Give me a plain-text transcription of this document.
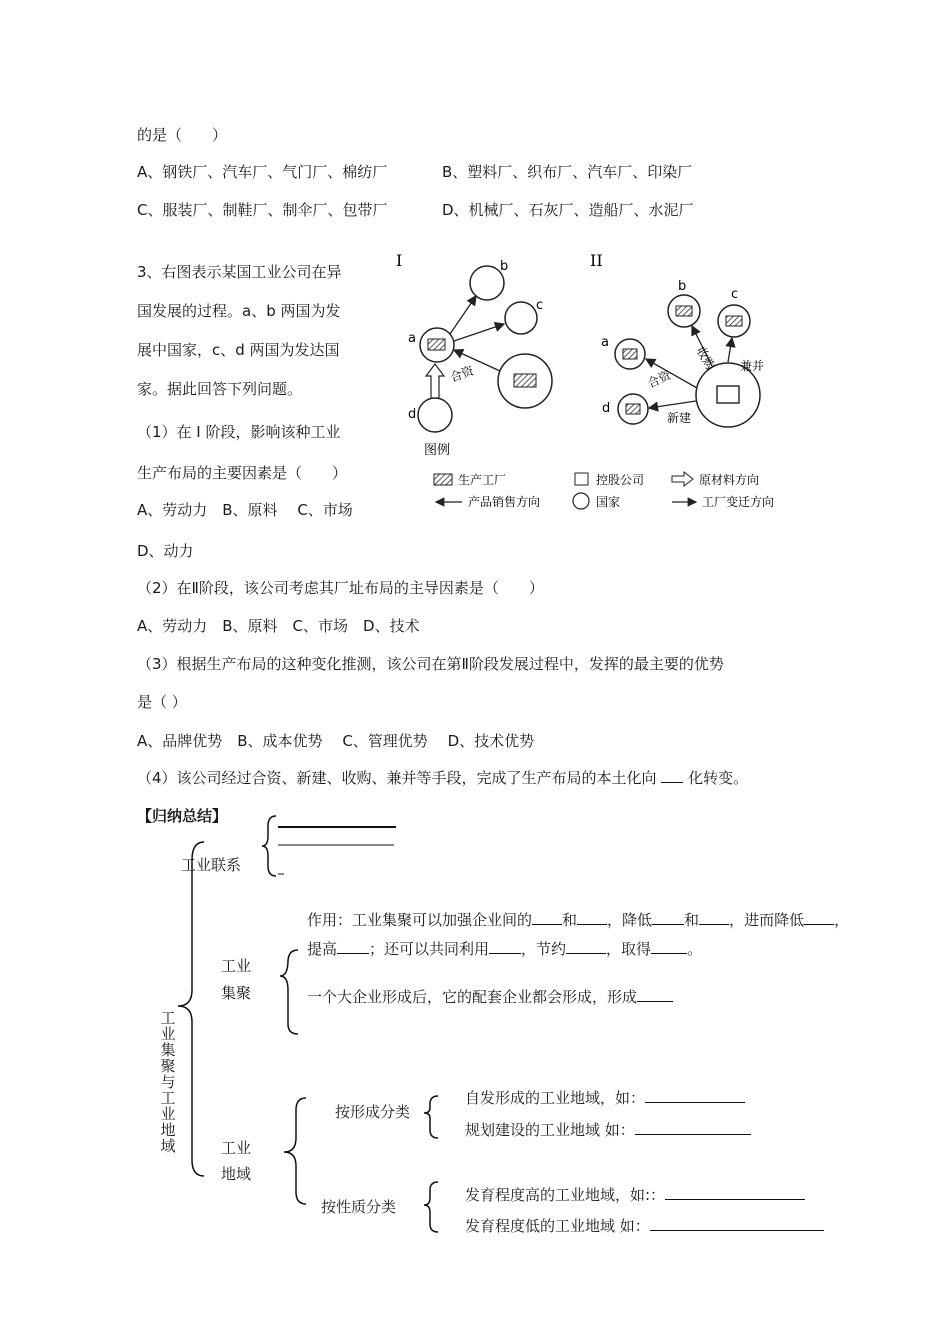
的是（　　）
A、钢铁厂、汽车厂、气门厂、棉纺厂	B、塑料厂、织布厂、汽车厂、印染厂
C、服装厂、制鞋厂、制伞厂、包带厂	D、机械厂、石灰厂、造船厂、水泥厂
3、右图表示某国工业公司在异
国发展的过程。a、b 两国为发
展中国家，c、d 两国为发达国
家。据此回答下列问题。
（1）在 I 阶段，影响该种工业
生产布局的主要因素是（　　）
A、劳动力　B、原料　 C、市场
D、动力
（2）在Ⅱ阶段，该公司考虑其厂址布局的主导因素是（　　）
A、劳动力　B、原料　C、市场　D、技术
（3）根据生产布局的这种变化推测，该公司在第Ⅱ阶段发展过程中，发挥的最主要的优势
是（ ）
A、品牌优势　B、成本优势　 C、管理优势　 D、技术优势
（4）该公司经过合资、新建、收购、兼并等手段，完成了生产布局的本土化向 化转变。
I	b
c
a
d
合资
图例
II
b
c
a
d
收购 兼并
合资
新建
生产工厂	控股公司	原材料方向
产品销售方向	国家	工厂变迁方向
【归纳总结】
工业联系
工业集聚与工业地域
作用：工业集聚可以加强企业间的 和 ，降低 和 ，进而降低 ，
提高 ；还可以共同利用 ，节约	，取得 。
工业
集聚	一个大企业形成后，它的配套企业都会形成，形成
工业
地域
按形成分类
自发形成的工业地域，如：
规划建设的工业地域 如：
按性质分类
发育程度高的工业地域，如:：
发育程度低的工业地域 如：
